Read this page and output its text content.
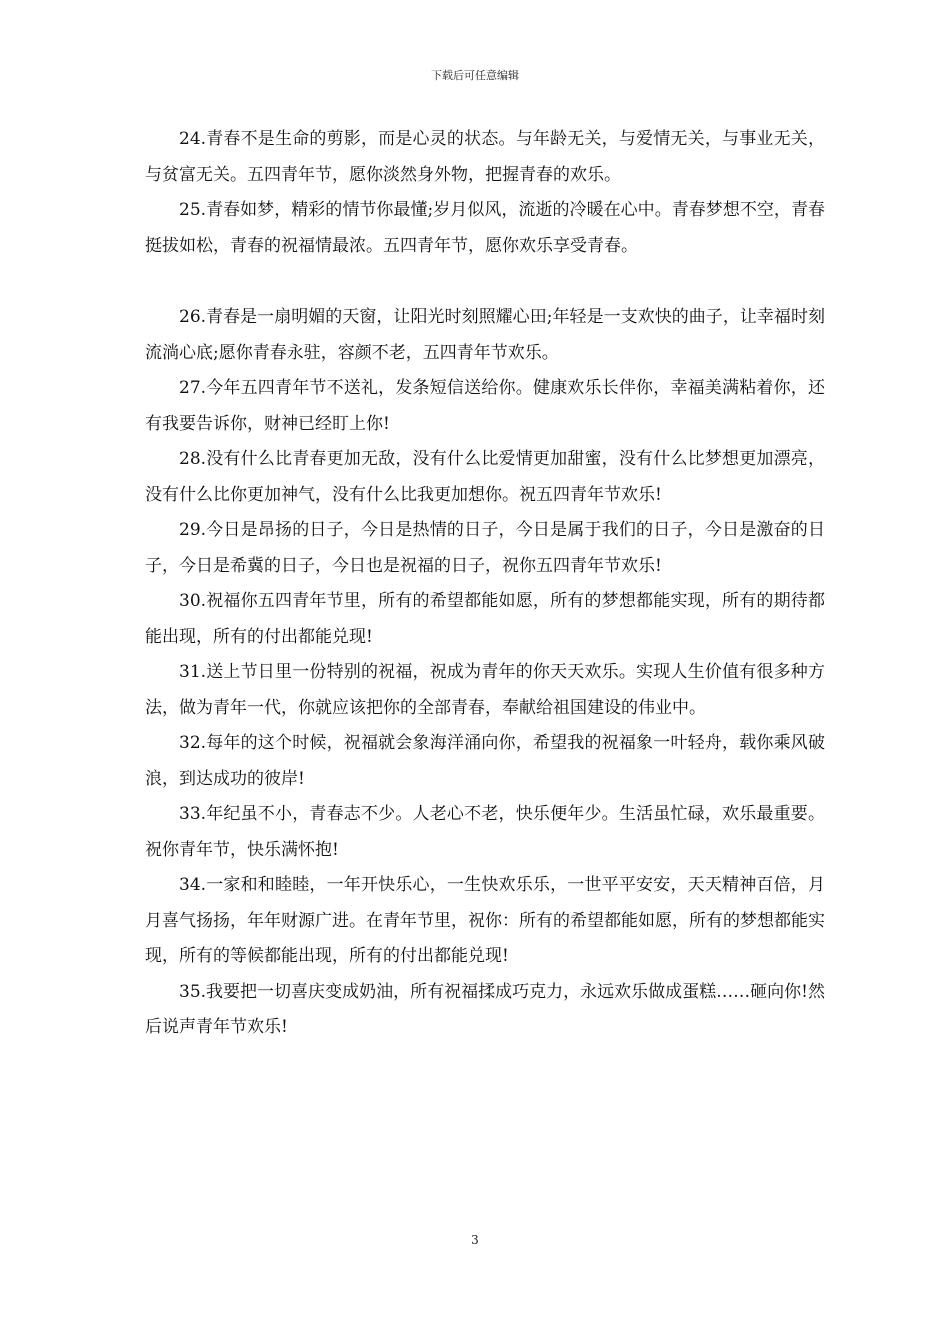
下载后可任意编辑

24.青春不是生命的剪影，而是心灵的状态。与年龄无关，与爱情无关，与事业无关，与贫富无关。五四青年节，愿你淡然身外物，把握青春的欢乐。

25.青春如梦，精彩的情节你最懂;岁月似风，流逝的冷暖在心中。青春梦想不空，青春挺拔如松，青春的祝福情最浓。五四青年节，愿你欢乐享受青春。

26.青春是一扇明媚的天窗，让阳光时刻照耀心田;年轻是一支欢快的曲子，让幸福时刻流淌心底;愿你青春永驻，容颜不老，五四青年节欢乐。

27.今年五四青年节不送礼，发条短信送给你。健康欢乐长伴你，幸福美满粘着你，还有我要告诉你，财神已经盯上你!

28.没有什么比青春更加无敌，没有什么比爱情更加甜蜜，没有什么比梦想更加漂亮，没有什么比你更加神气，没有什么比我更加想你。祝五四青年节欢乐!

29.今日是昂扬的日子，今日是热情的日子，今日是属于我们的日子，今日是激奋的日子，今日是希冀的日子，今日也是祝福的日子，祝你五四青年节欢乐!

30.祝福你五四青年节里，所有的希望都能如愿，所有的梦想都能实现，所有的期待都能出现，所有的付出都能兑现!

31.送上节日里一份特别的祝福，祝成为青年的你天天欢乐。实现人生价值有很多种方法，做为青年一代，你就应该把你的全部青春，奉献给祖国建设的伟业中。

32.每年的这个时候，祝福就会象海洋涌向你，希望我的祝福象一叶轻舟，载你乘风破浪，到达成功的彼岸!

33.年纪虽不小，青春志不少。人老心不老，快乐便年少。生活虽忙碌，欢乐最重要。祝你青年节，快乐满怀抱!

34.一家和和睦睦，一年开快乐心，一生快欢乐乐，一世平平安安，天天精神百倍，月月喜气扬扬，年年财源广进。在青年节里，祝你：所有的希望都能如愿，所有的梦想都能实现，所有的等候都能出现，所有的付出都能兑现!

35.我要把一切喜庆变成奶油，所有祝福揉成巧克力，永远欢乐做成蛋糕……砸向你!然后说声青年节欢乐!

3
